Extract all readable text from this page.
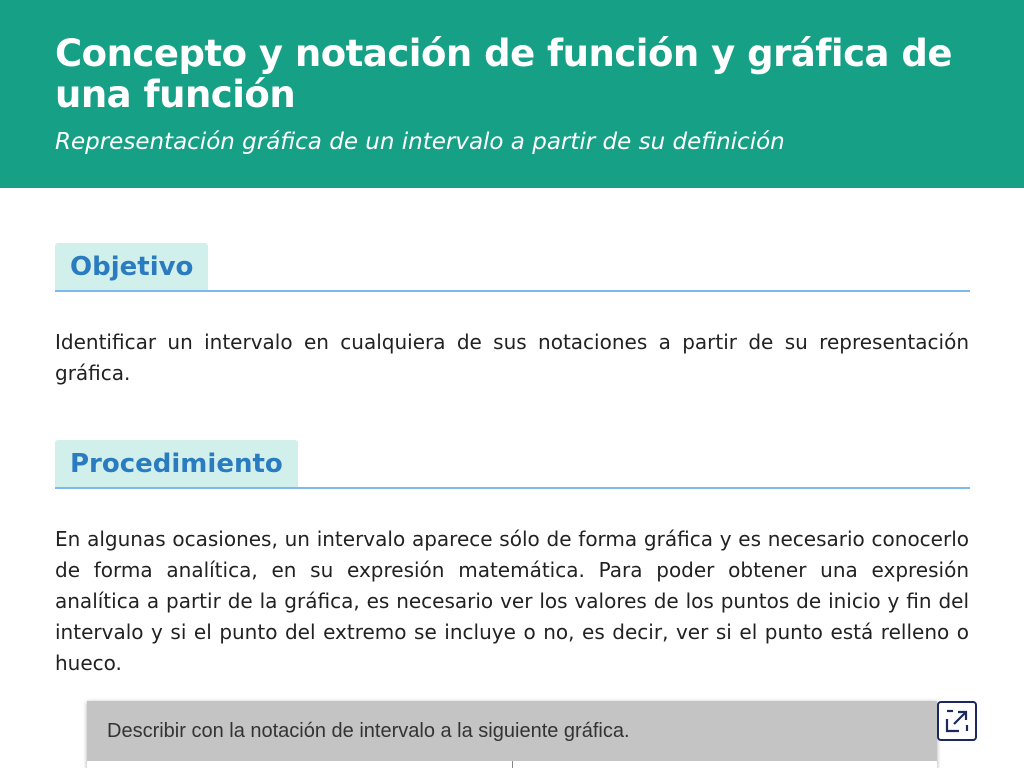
Concepto y notación de función y gráfica de una función

Representación gráfica de un intervalo a partir de su definición

Objetivo

Identificar un intervalo en cualquiera de sus notaciones a partir de su representación gráfica.

Procedimiento

En algunas ocasiones, un intervalo aparece sólo de forma gráfica y es necesario conocerlo de forma analítica, en su expresión matemática. Para poder obtener una expresión analítica a partir de la gráfica, es necesario ver los valores de los puntos de inicio y fin del intervalo y si el punto del extremo se incluye o no, es decir, ver si el punto está relleno o hueco.

Describir con la notación de intervalo a la siguiente gráfica.
